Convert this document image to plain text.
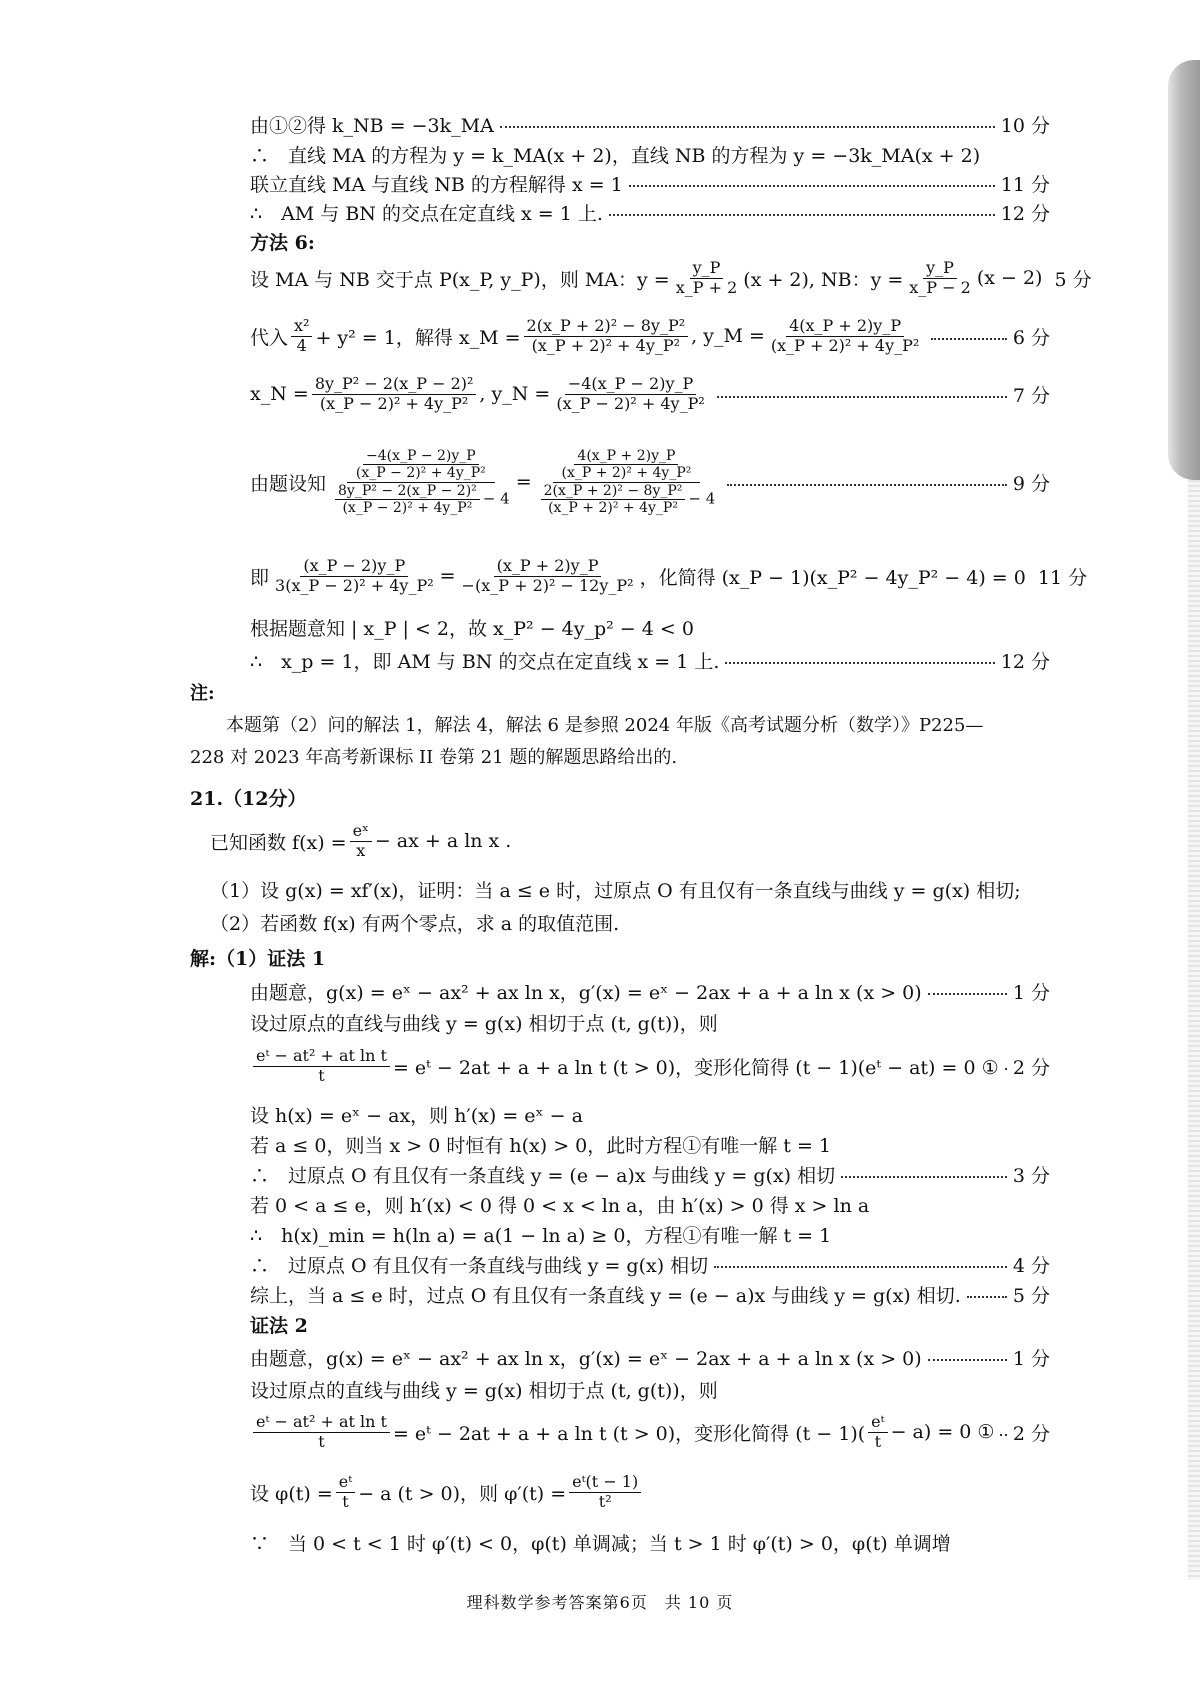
由①②得 k_NB = −3k_MA	10 分
∴　直线 MA 的方程为 y = k_MA(x + 2)，直线 NB 的方程为 y = −3k_MA(x + 2)
联立直线 MA 与直线 NB 的方程解得 x = 1	11 分
∴　AM 与 BN 的交点在定直线 x = 1 上.	12 分
方法 6:
设 MA 与 NB 交于点 P(x_P, y_P)，则 MA：$y = \frac{y\_P}{x\_P + 2} (x + 2)$, NB：$y = \frac{y\_P}{x\_P - 2} (x - 2)$ 5 分
代入 $\frac{\text{x²}}{4} + y^2 = 1$，解得 x_M = $\frac{\text{2(x\_P + 2)² − 8y\_P²}}{\text{(x\_P + 2)² + 4y\_P²}}$ , y_M = $\frac{4(x\_P + 2)y\_P}{\text{(x\_P + 2)² + 4y\_P²}}$	6 分
x_N = $\frac{\text{8y\_P² − 2(x\_P − 2)²}}{\text{(x\_P − 2)² + 4y\_P²}}$ , y_N = $\frac{-4(x\_P - 2)y\_P}{\text{(x\_P − 2)² + 4y\_P²}}$	7 分
由题设知 $\frac{\frac{-4(x\_P - 2)y\_P}{\text{(x\_P − 2)² + 4y\_P²}}}{\frac{\text{8y\_P² − 2(x\_P − 2)²}}{\text{(x\_P − 2)² + 4y\_P²}} - 4} = \frac{\frac{4(x\_P + 2)y\_P}{\text{(x\_P + 2)² + 4y\_P²}}}{\frac{\text{2(x\_P + 2)² − 8y\_P²}}{\text{(x\_P + 2)² + 4y\_P²}} - 4}$	9 分
即 $\frac{(x\_P - 2)y\_P}{\text{3(x\_P − 2)² + 4y\_P²}} = \frac{(x\_P + 2)y\_P}{\text{−(x\_P + 2)² − 12y\_P²}}$ ，化简得 (x_P − 1)(x_P² − 4y_P² − 4) = 0 11 分
根据题意知 | x_P | < 2，故 x_P² − 4y_p² − 4 < 0
∴　x_p = 1，即 AM 与 BN 的交点在定直线 x = 1 上.	12 分
注:
本题第（2）问的解法 1，解法 4，解法 6 是参照 2024 年版《高考试题分析（数学）》P225—
228 对 2023 年高考新课标 II 卷第 21 题的解题思路给出的.
21.（12分）
已知函数 $f(x) = \frac{\text{eˣ}}{x}$ − ax + a ln x .
（1）设 g(x) = xf′(x)，证明：当 a ≤ e 时，过原点 O 有且仅有一条直线与曲线 y = g(x) 相切;
（2）若函数 f(x) 有两个零点，求 a 的取值范围.
解:（1）证法 1
由题意，g(x) = eˣ − ax² + ax ln x，g′(x) = eˣ − 2ax + a + a ln x (x > 0)	1 分
设过原点的直线与曲线 y = g(x) 相切于点 (t, g(t))，则
$\frac{\text{eᵗ − at² + at ln t}}{t}$ = eᵗ − 2at + a + a ln t (t > 0)，变形化简得 (t − 1)(eᵗ − at) = 0 ① 2 分
设 h(x) = eˣ − ax，则 h′(x) = eˣ − a
若 a ≤ 0，则当 x > 0 时恒有 h(x) > 0，此时方程①有唯一解 t = 1
∴　过原点 O 有且仅有一条直线 y = (e − a)x 与曲线 y = g(x) 相切	3 分
若 0 < a ≤ e，则 h′(x) < 0 得 0 < x < ln a，由 h′(x) > 0 得 x > ln a
∴　h(x)_min = h(ln a) = a(1 − ln a) ≥ 0，方程①有唯一解 t = 1
∴　过原点 O 有且仅有一条直线与曲线 y = g(x) 相切	4 分
综上，当 a ≤ e 时，过点 O 有且仅有一条直线 y = (e − a)x 与曲线 y = g(x) 相切.	5 分
证法 2
由题意，g(x) = eˣ − ax² + ax ln x，g′(x) = eˣ − 2ax + a + a ln x (x > 0)	1 分
设过原点的直线与曲线 y = g(x) 相切于点 (t, g(t))，则
$\frac{\text{eᵗ − at² + at ln t}}{t}$ = eᵗ − 2at + a + a ln t (t > 0)，变形化简得 $(t - 1)( \frac{\text{eᵗ}}{t} - a) = 0$ ① 2 分
设 $\varphi(t) = \frac{\text{eᵗ}}{t} - a$ (t > 0)，则 $\varphi'(t) = \frac{\text{eᵗ(t − 1)}}{\text{t²}}$
∵　当 0 < t < 1 时 φ′(t) < 0，φ(t) 单调减；当 t > 1 时 φ′(t) > 0，φ(t) 单调增
理科数学参考答案第6页　共 10 页
